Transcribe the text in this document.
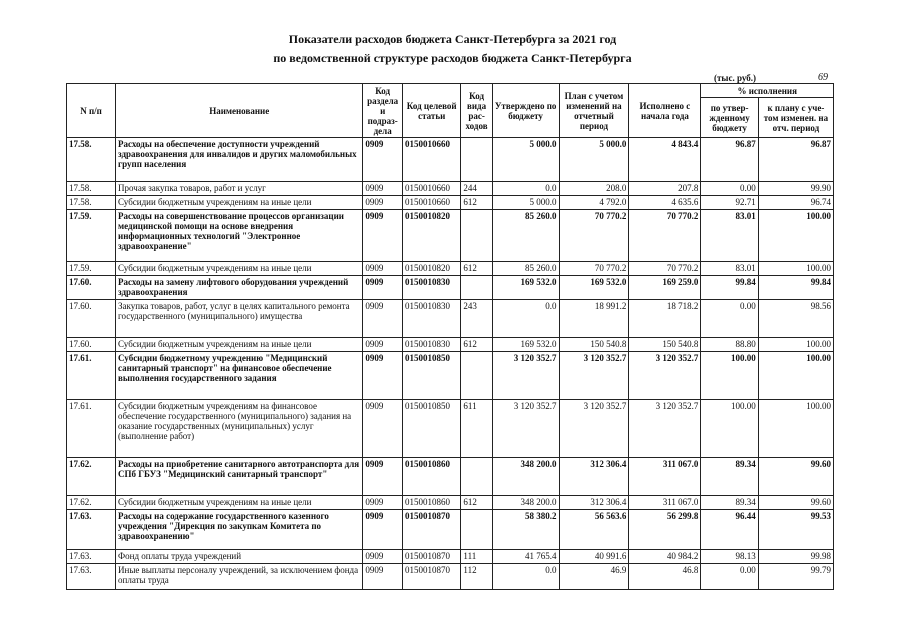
Показатели расходов бюджета Санкт-Петербурга за 2021 год
по ведомственной структуре расходов бюджета Санкт-Петербурга
(тыс. руб.)	69
N п/п	Наименование	Код раздела и подраз-дела	Код целевой статьи	Код вида рас-ходов	Утверждено по бюджету	План с учетом изменений на отчетный период	Исполнено с начала года	% исполнения	
								по утвер-жденному бюджету	к плану с уче-том изменен. на отч. период
17.58.	Расходы на обеспечение доступности учреждений здравоохранения для инвалидов и других маломобильных групп населения	0909	0150010660		5 000.0	5 000.0	4 843.4	96.87	96.87
17.58.	Прочая закупка товаров, работ и услуг	0909	0150010660	244	0.0	208.0	207.8	0.00	99.90
17.58.	Субсидии бюджетным учреждениям на иные цели	0909	0150010660	612	5 000.0	4 792.0	4 635.6	92.71	96.74
17.59.	Расходы на совершенствование процессов организации медицинской помощи на основе внедрения информационных технологий "Электронное здравоохранение"	0909	0150010820		85 260.0	70 770.2	70 770.2	83.01	100.00
17.59.	Субсидии бюджетным учреждениям на иные цели	0909	0150010820	612	85 260.0	70 770.2	70 770.2	83.01	100.00
17.60.	Расходы на замену лифтового оборудования учреждений здравоохранения	0909	0150010830		169 532.0	169 532.0	169 259.0	99.84	99.84
17.60.	Закупка товаров, работ, услуг в целях капитального ремонта государственного (муниципального) имущества	0909	0150010830	243	0.0	18 991.2	18 718.2	0.00	98.56
17.60.	Субсидии бюджетным учреждениям на иные цели	0909	0150010830	612	169 532.0	150 540.8	150 540.8	88.80	100.00
17.61.	Субсидии бюджетному учреждению "Медицинский санитарный транспорт" на финансовое обеспечение выполнения государственного задания	0909	0150010850		3 120 352.7	3 120 352.7	3 120 352.7	100.00	100.00
17.61.	Субсидии бюджетным учреждениям на финансовое обеспечение государственного (муниципального) задания на оказание государственных (муниципальных) услуг (выполнение работ)	0909	0150010850	611	3 120 352.7	3 120 352.7	3 120 352.7	100.00	100.00
17.62.	Расходы на приобретение санитарного автотранспорта для СПб ГБУЗ "Медицинский санитарный транспорт"	0909	0150010860		348 200.0	312 306.4	311 067.0	89.34	99.60
17.62.	Субсидии бюджетным учреждениям на иные цели	0909	0150010860	612	348 200.0	312 306.4	311 067.0	89.34	99.60
17.63.	Расходы на содержание государственного казенного учреждения "Дирекция по закупкам Комитета по здравоохранению"	0909	0150010870		58 380.2	56 563.6	56 299.8	96.44	99.53
17.63.	Фонд оплаты труда учреждений	0909	0150010870	111	41 765.4	40 991.6	40 984.2	98.13	99.98
17.63.	Иные выплаты персоналу учреждений, за исключением фонда оплаты труда	0909	0150010870	112	0.0	46.9	46.8	0.00	99.79
